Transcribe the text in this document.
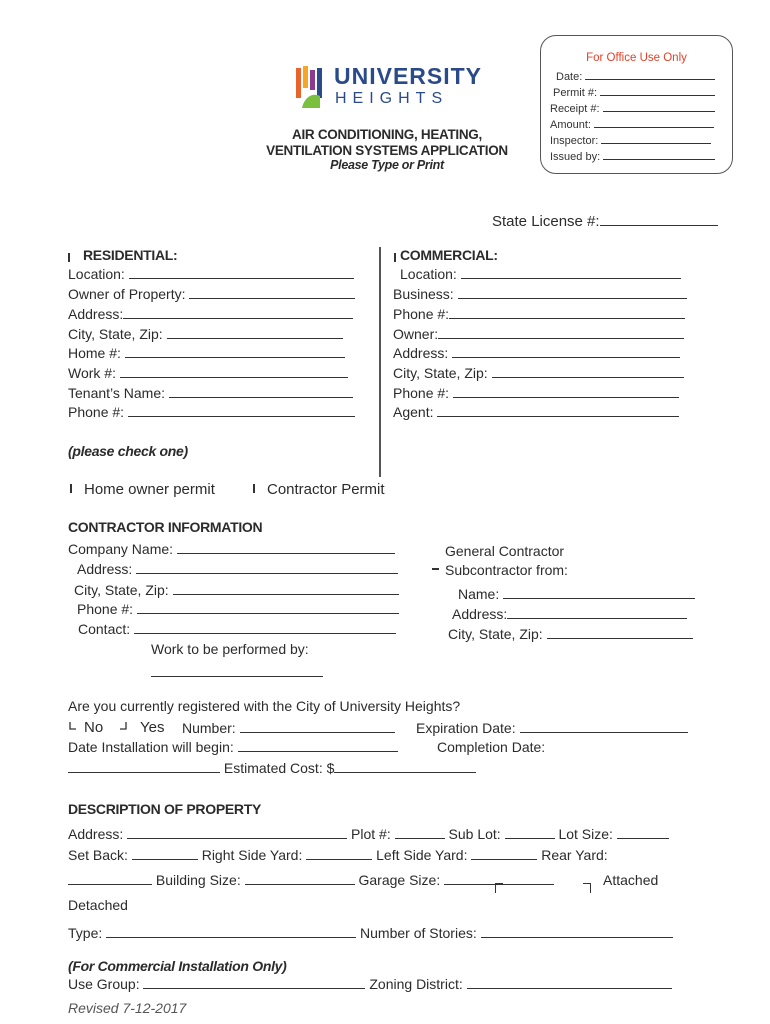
UNIVERSITY
HEIGHTS
For Office Use Only
Date:
Permit #:
Receipt #:
Amount:
Inspector:
Issued by:
AIR CONDITIONING, HEATING,
VENTILATION SYSTEMS APPLICATION
Please Type or Print
State License #:
RESIDENTIAL:
Location:
Owner of Property:
Address:
City, State, Zip:
Home #:
Work #:
Tenant’s Name:
Phone #:
COMMERCIAL:
Location:
Business:
Phone #:
Owner:
Address:
City, State, Zip:
Phone #:
Agent:
(please check one)
Home owner permit	Contractor Permit
CONTRACTOR INFORMATION
Company Name:
Address:
City, State, Zip:
Phone #:
Contact:
Work to be performed by:
General Contractor
Subcontractor from:
Name:
Address:
City, State, Zip:
Are you currently registered with the City of University Heights?
No Yes Number:	Expiration Date:
Date Installation will begin:	Completion Date:
Estimated Cost: $
DESCRIPTION OF PROPERTY
Address:	Plot #:	Sub Lot:	Lot Size:
Set Back:	Right Side Yard:	Left Side Yard:	Rear Yard:
Building Size:	Garage Size:	Attached
Detached
Type:	Number of Stories:
(For Commercial Installation Only)
Use Group:	Zoning District:
Revised 7-12-2017
